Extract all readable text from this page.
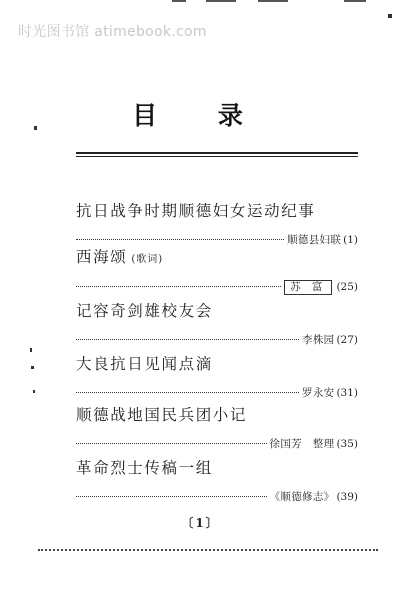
时光图书馆 atimebook.com
目 录
抗日战争时期顺德妇女运动纪事
顺德县妇联 (1)
西海颂 (歌词)
苏 富 (25)
记容奇剑雄校友会
李株园 (27)
大良抗日见闻点滴
罗永安 (31)
顺德战地国民兵团小记
徐国芳   整理 (35)
革命烈士传稿一组
《顺德修志》 (39)
〔1〕
